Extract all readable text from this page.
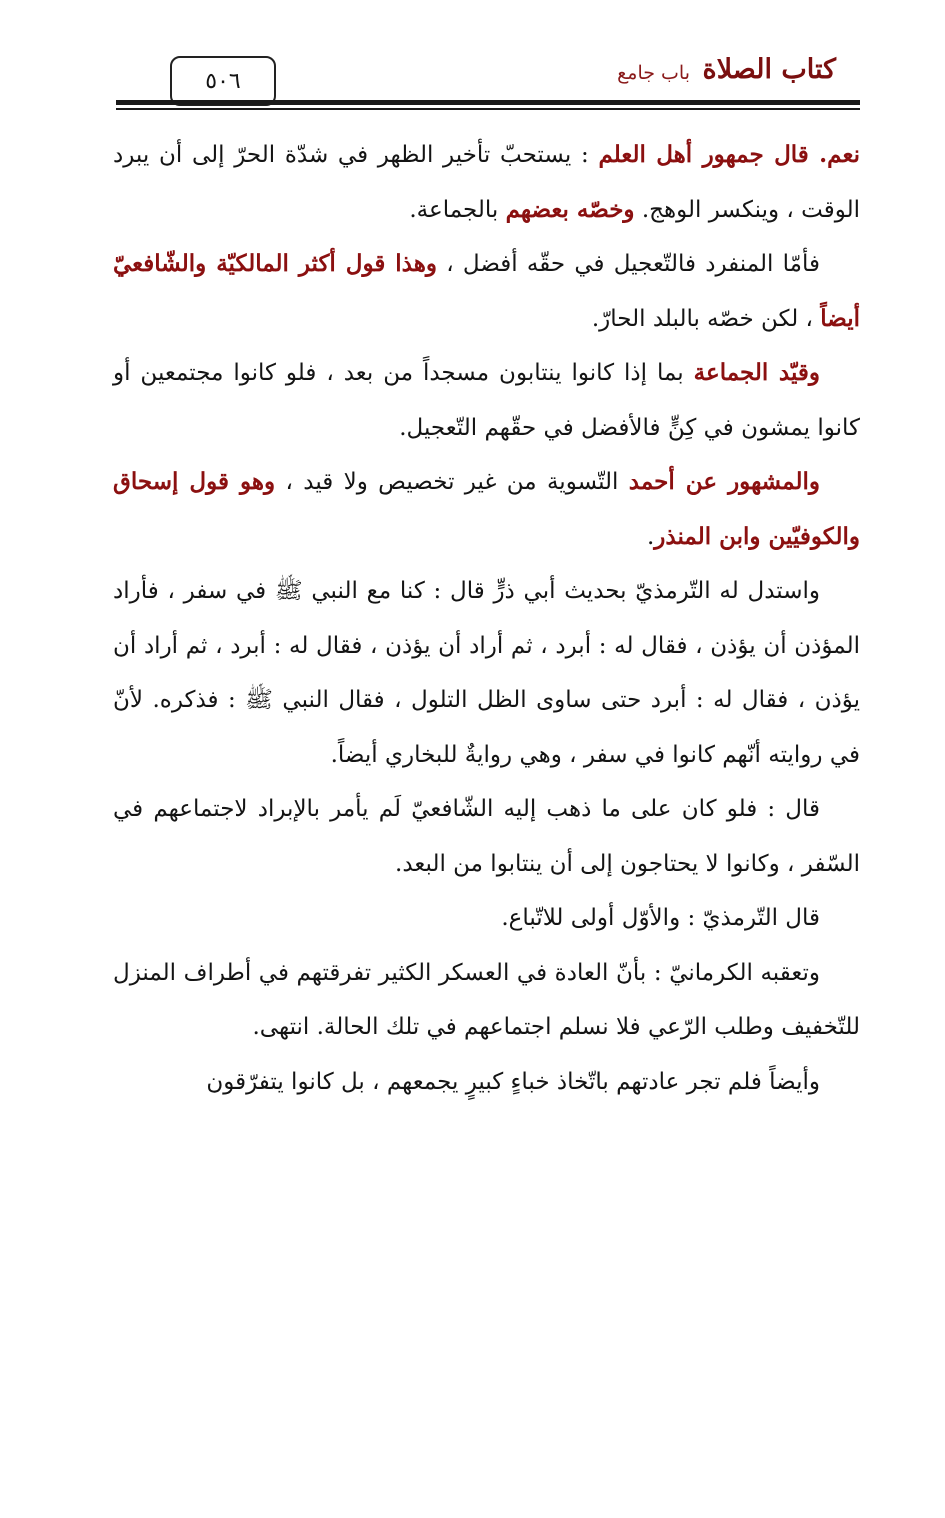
كتاب الصلاة
باب جامع
٥٠٦

نعم. قال جمهور أهل العلم : يستحبّ تأخير الظهر في شدّة الحرّ إلى أن يبرد الوقت ، وينكسر الوهج. وخصّه بعضهم بالجماعة.

فأمّا المنفرد فالتّعجيل في حقّه أفضل ، وهذا قول أكثر المالكيّة والشّافعيّ أيضاً ، لكن خصّه بالبلد الحارّ.

وقيّد الجماعة بما إذا كانوا ينتابون مسجداً من بعد ، فلو كانوا مجتمعين أو كانوا يمشون في كِنٍّ فالأفضل في حقّهم التّعجيل.

والمشهور عن أحمد التّسوية من غير تخصيص ولا قيد ، وهو قول إسحاق والكوفيّين وابن المنذر.

واستدل له التّرمذيّ بحديث أبي ذرٍّ قال : كنا مع النبي ﷺ في سفر ، فأراد المؤذن أن يؤذن ، فقال له : أبرد ، ثم أراد أن يؤذن ، فقال له : أبرد ، ثم أراد أن يؤذن ، فقال له : أبرد حتى ساوى الظل التلول ، فقال النبي ﷺ : فذكره. لأنّ في روايته أنّهم كانوا في سفر ، وهي روايةٌ للبخاري أيضاً.

قال : فلو كان على ما ذهب إليه الشّافعيّ لَم يأمر بالإبراد لاجتماعهم في السّفر ، وكانوا لا يحتاجون إلى أن ينتابوا من البعد.

قال التّرمذيّ : والأوّل أولى للاتّباع.

وتعقبه الكرمانيّ : بأنّ العادة في العسكر الكثير تفرقتهم في أطراف المنزل للتّخفيف وطلب الرّعي فلا نسلم اجتماعهم في تلك الحالة. انتهى.

وأيضاً فلم تجر عادتهم باتّخاذ خباءٍ كبيرٍ يجمعهم ، بل كانوا يتفرّقون
